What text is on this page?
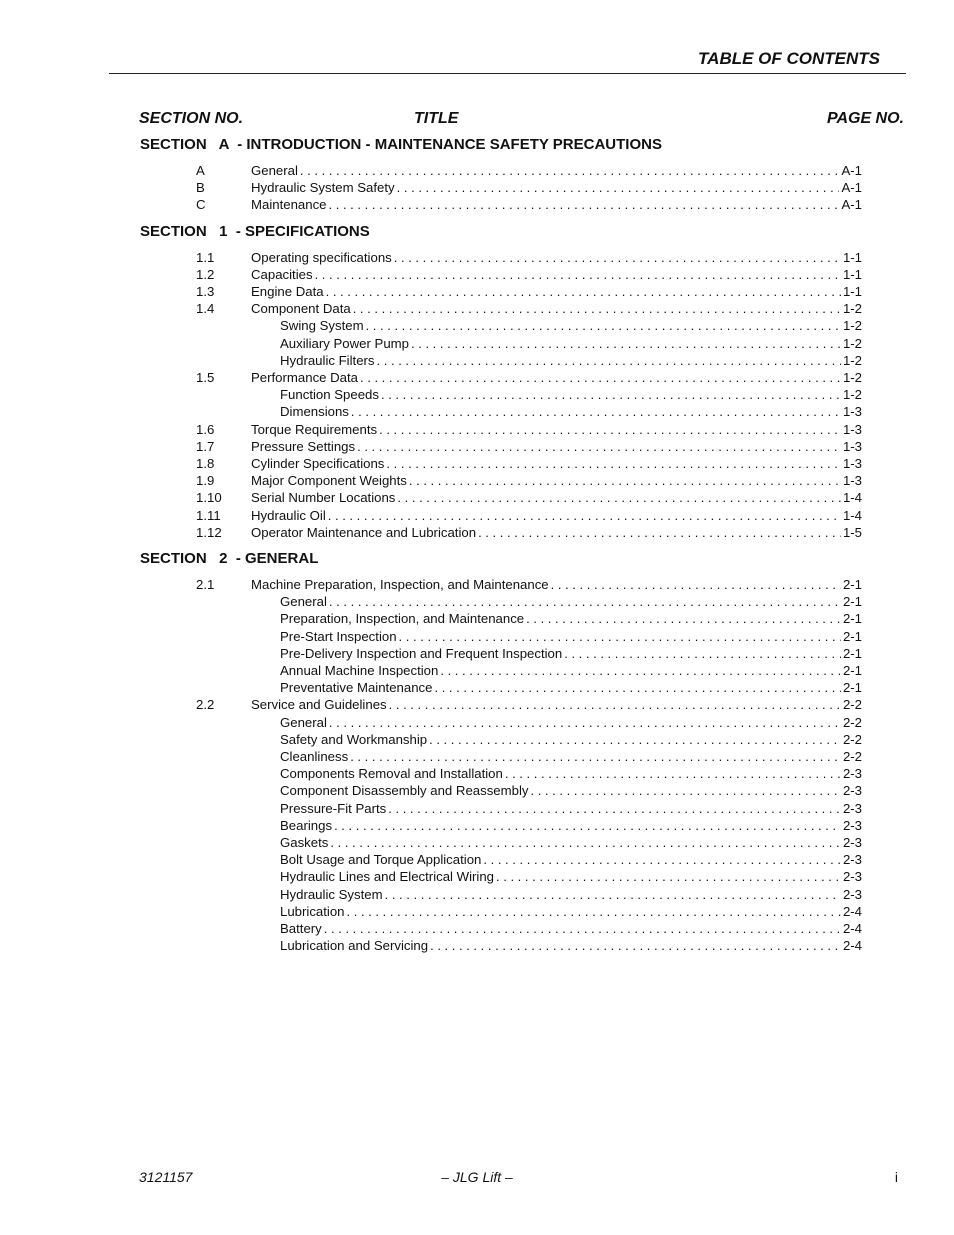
TABLE OF CONTENTS
SECTION NO.	TITLE	PAGE NO.
SECTION   A  - INTRODUCTION - MAINTENANCE SAFETY PRECAUTIONS
A	General . . .	A-1
B	Hydraulic System Safety . . .	A-1
C	Maintenance . . .	A-1
SECTION   1  - SPECIFICATIONS
1.1	Operating specifications . . .	1-1
1.2	Capacities . . .	1-1
1.3	Engine Data . . .	1-1
1.4	Component Data . . .	1-2
Swing System . . .	1-2
Auxiliary Power Pump . . .	1-2
Hydraulic Filters . . .	1-2
1.5	Performance Data . . .	1-2
Function Speeds . . .	1-2
Dimensions . . .	1-3
1.6	Torque Requirements . . .	1-3
1.7	Pressure Settings . . .	1-3
1.8	Cylinder Specifications . . .	1-3
1.9	Major Component Weights . . .	1-3
1.10	Serial Number Locations . . .	1-4
1.11	Hydraulic Oil . . .	1-4
1.12	Operator Maintenance and Lubrication . . .	1-5
SECTION   2  - GENERAL
2.1	Machine Preparation, Inspection, and Maintenance . . .	2-1
General . . .	2-1
Preparation, Inspection, and Maintenance . . .	2-1
Pre-Start Inspection . . .	2-1
Pre-Delivery Inspection and Frequent Inspection . . .	2-1
Annual Machine Inspection . . .	2-1
Preventative Maintenance . . .	2-1
2.2	Service and Guidelines . . .	2-2
General . . .	2-2
Safety and Workmanship . . .	2-2
Cleanliness . . .	2-2
Components Removal and Installation . . .	2-3
Component Disassembly and Reassembly . . .	2-3
Pressure-Fit Parts . . .	2-3
Bearings . . .	2-3
Gaskets . . .	2-3
Bolt Usage and Torque Application . . .	2-3
Hydraulic Lines and Electrical Wiring . . .	2-3
Hydraulic System . . .	2-3
Lubrication . . .	2-4
Battery . . .	2-4
Lubrication and Servicing . . .	2-4
3121157	– JLG Lift –	i
